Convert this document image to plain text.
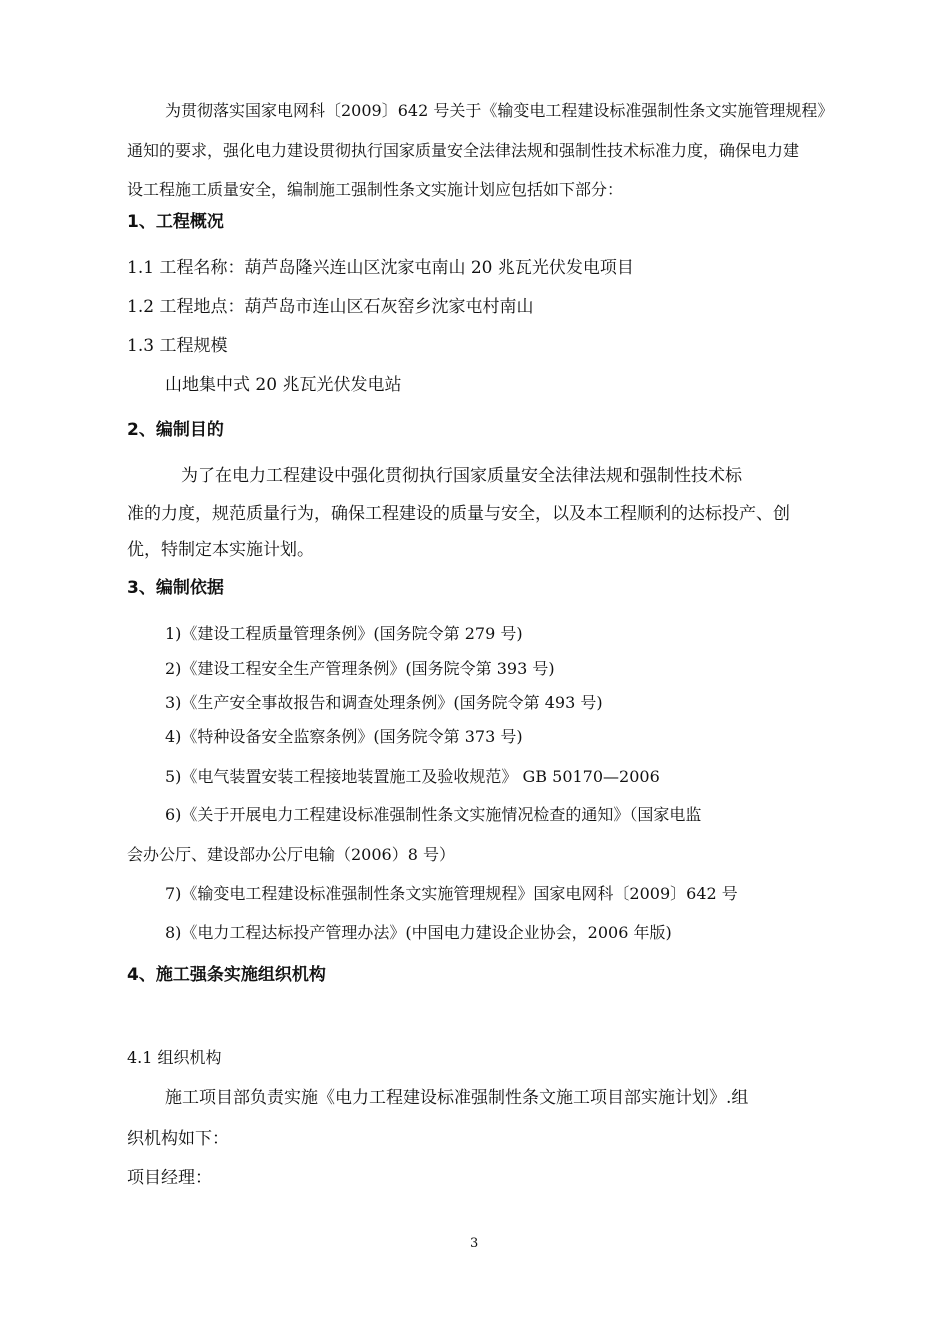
为贯彻落实国家电网科〔2009〕642 号关于《输变电工程建设标准强制性条文实施管理规程》
通知的要求，强化电力建设贯彻执行国家质量安全法律法规和强制性技术标准力度，确保电力建
设工程施工质量安全，编制施工强制性条文实施计划应包括如下部分：
1、工程概况
1.1 工程名称：葫芦岛隆兴连山区沈家屯南山 20 兆瓦光伏发电项目
1.2 工程地点：葫芦岛市连山区石灰窑乡沈家屯村南山
1.3 工程规模
山地集中式 20 兆瓦光伏发电站
2、编制目的
为了在电力工程建设中强化贯彻执行国家质量安全法律法规和强制性技术标
准的力度，规范质量行为，确保工程建设的质量与安全，以及本工程顺利的达标投产、创
优，特制定本实施计划。
3、编制依据
1)《建设工程质量管理条例》(国务院令第 279 号)
2)《建设工程安全生产管理条例》(国务院令第 393 号)
3)《生产安全事故报告和调查处理条例》(国务院令第 493 号)
4)《特种设备安全监察条例》(国务院令第 373 号)
5)《电气装置安装工程接地装置施工及验收规范》 GB 50170—2006
6)《关于开展电力工程建设标准强制性条文实施情况检查的通知》（国家电监
会办公厅、建设部办公厅电输（2006）8 号）
7)《输变电工程建设标准强制性条文实施管理规程》国家电网科〔2009〕642 号
8)《电力工程达标投产管理办法》(中国电力建设企业协会，2006 年版)
4、施工强条实施组织机构
4.1 组织机构
施工项目部负责实施《电力工程建设标准强制性条文施工项目部实施计划》.组
织机构如下：
项目经理：
3
